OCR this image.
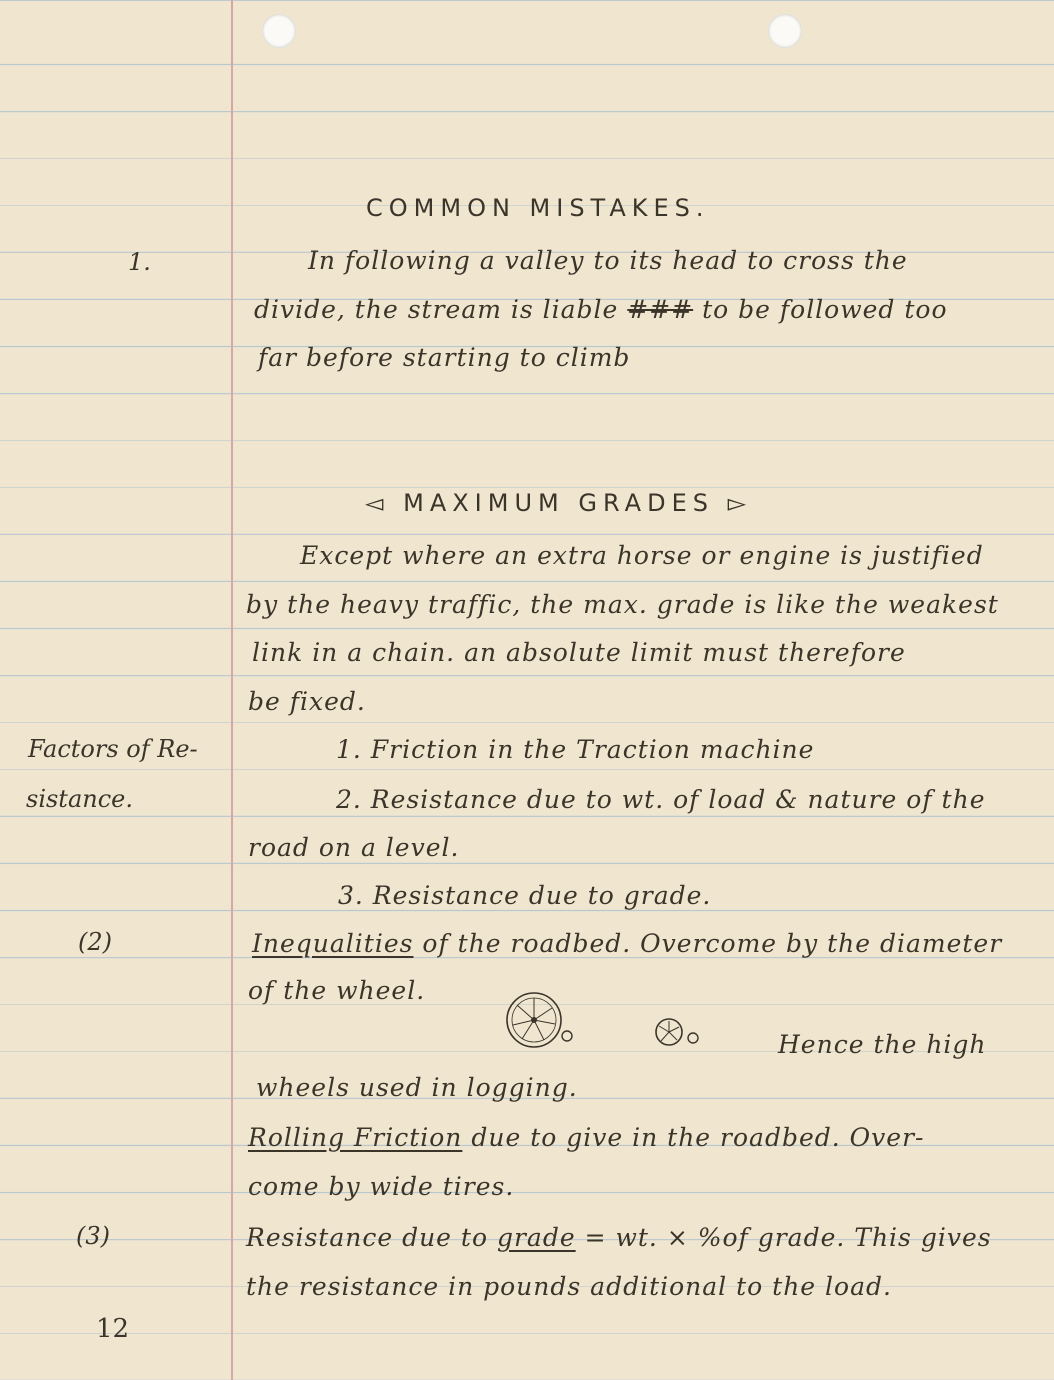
COMMON MISTAKES.
1.	In following a valley to its head to cross the
divide, the stream is liable ### to be followed too
far before starting to climb
◅ MAXIMUM GRADES ▻
Except where an extra horse or engine is justified
by the heavy traffic, the max. grade is like the weakest
link in a chain. an absolute limit must therefore
be fixed.
Factors of Re-
sistance.
1. Friction in the Traction machine
2. Resistance due to wt. of load & nature of the
road on a level.
3. Resistance due to grade.
(2)	Inequalities of the roadbed. Overcome by the diameter
of the wheel.
Hence the high
wheels used in logging.
Rolling Friction due to give in the roadbed. Over-
come by wide tires.
(3)	Resistance due to grade = wt. × %of grade. This gives
the resistance in pounds additional to the load.
12
